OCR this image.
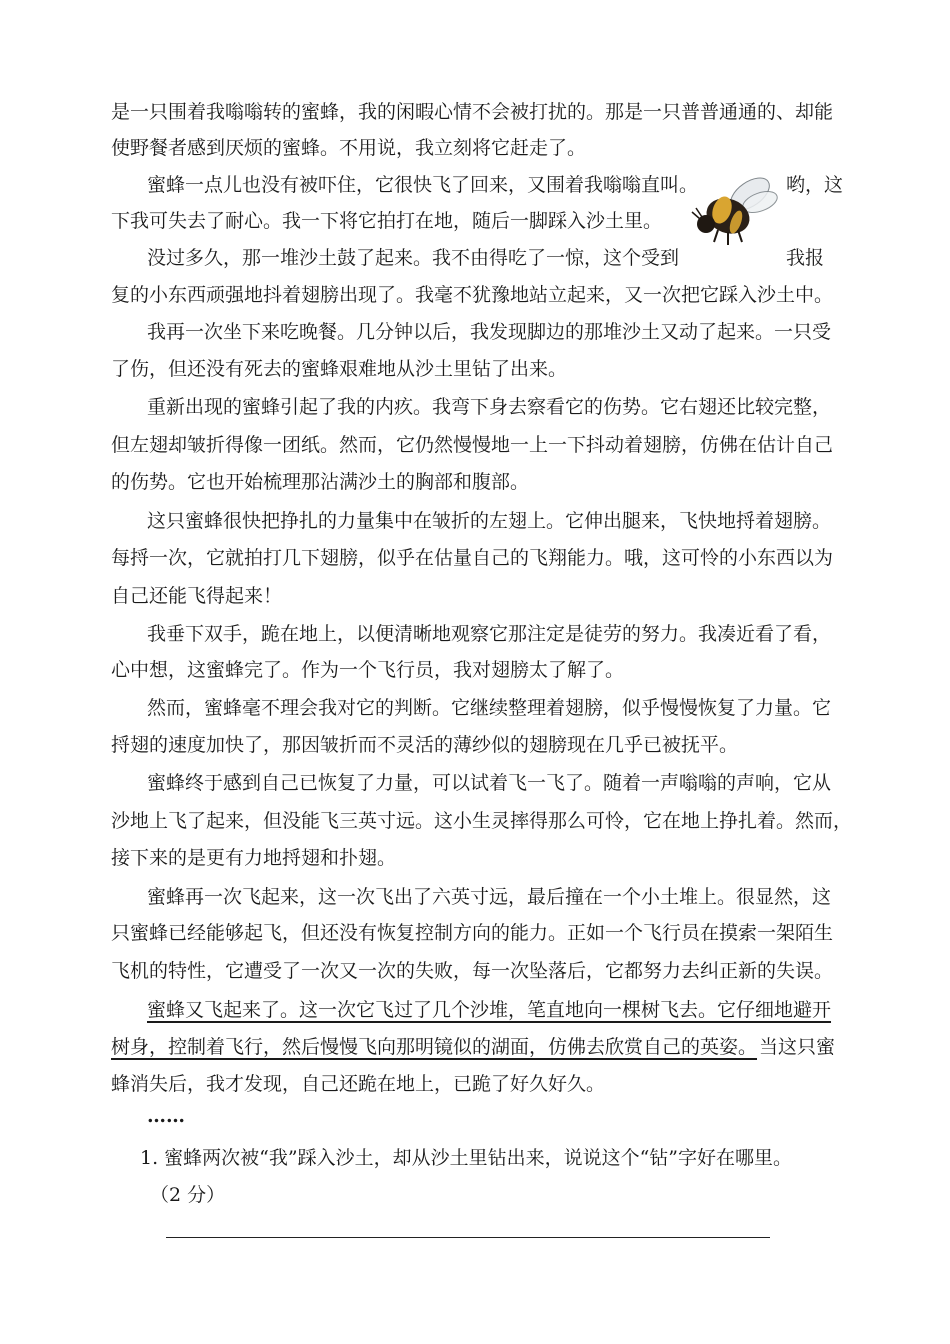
是一只围着我嗡嗡转的蜜蜂，我的闲暇心情不会被打扰的。那是一只普普通通的、却能
使野餐者感到厌烦的蜜蜂。不用说，我立刻将它赶走了。
蜜蜂一点儿也没有被吓住，它很快飞了回来，又围着我嗡嗡直叫。	哟，这
下我可失去了耐心。我一下将它拍打在地，随后一脚踩入沙土里。
没过多久，那一堆沙土鼓了起来。我不由得吃了一惊，这个受到	我报
复的小东西顽强地抖着翅膀出现了。我毫不犹豫地站立起来，又一次把它踩入沙土中。
我再一次坐下来吃晚餐。几分钟以后，我发现脚边的那堆沙土又动了起来。一只受
了伤，但还没有死去的蜜蜂艰难地从沙土里钻了出来。
重新出现的蜜蜂引起了我的内疚。我弯下身去察看它的伤势。它右翅还比较完整，
但左翅却皱折得像一团纸。然而，它仍然慢慢地一上一下抖动着翅膀，仿佛在估计自己
的伤势。它也开始梳理那沾满沙土的胸部和腹部。
这只蜜蜂很快把挣扎的力量集中在皱折的左翅上。它伸出腿来，飞快地捋着翅膀。
每捋一次，它就拍打几下翅膀，似乎在估量自己的飞翔能力。哦，这可怜的小东西以为
自己还能飞得起来！
我垂下双手，跪在地上，以便清晰地观察它那注定是徒劳的努力。我凑近看了看，
心中想，这蜜蜂完了。作为一个飞行员，我对翅膀太了解了。
然而，蜜蜂毫不理会我对它的判断。它继续整理着翅膀，似乎慢慢恢复了力量。它
捋翅的速度加快了，那因皱折而不灵活的薄纱似的翅膀现在几乎已被抚平。
蜜蜂终于感到自己已恢复了力量，可以试着飞一飞了。随着一声嗡嗡的声响，它从
沙地上飞了起来，但没能飞三英寸远。这小生灵摔得那么可怜，它在地上挣扎着。然而，
接下来的是更有力地捋翅和扑翅。
蜜蜂再一次飞起来，这一次飞出了六英寸远，最后撞在一个小土堆上。很显然，这
只蜜蜂已经能够起飞，但还没有恢复控制方向的能力。正如一个飞行员在摸索一架陌生
飞机的特性，它遭受了一次又一次的失败，每一次坠落后，它都努力去纠正新的失误。
蜜蜂又飞起来了。这一次它飞过了几个沙堆，笔直地向一棵树飞去。它仔细地避开
树身，控制着飞行，然后慢慢飞向那明镜似的湖面，仿佛去欣赏自己的英姿。 当这只蜜
蜂消失后，我才发现，自己还跪在地上，已跪了好久好久。
……
1. 蜜蜂两次被“我”踩入沙土，却从沙土里钻出来，说说这个“钻”字好在哪里。
（2 分）
